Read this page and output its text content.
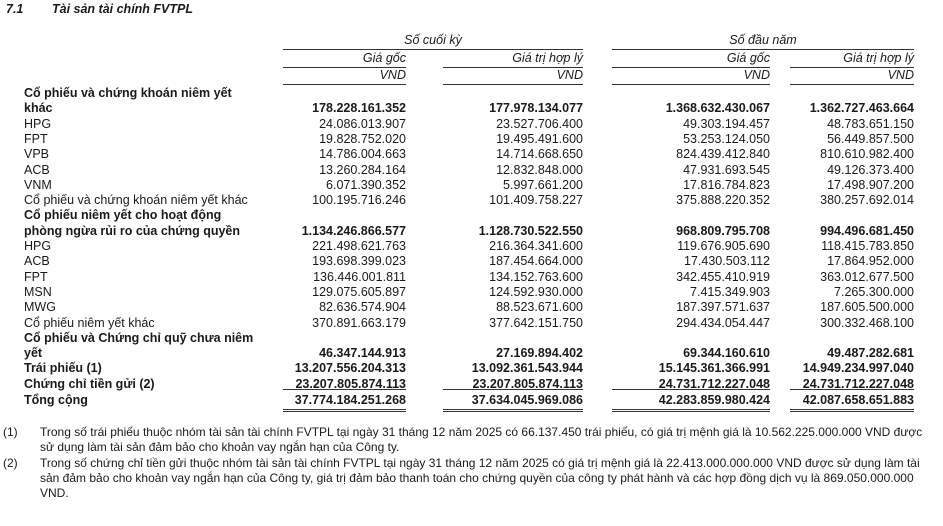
7.1 Tài sản tài chính FVTPL
Số cuối kỳ	Số đầu năm
Giá gốc	Giá trị hợp lý	Giá gốc	Giá trị hợp lý
VND	VND	VND	VND
Cổ phiếu và chứng khoán niêm yết
khác	178.228.161.352	177.978.134.077	1.368.632.430.067	1.362.727.463.664
HPG	24.086.013.907	23.527.706.400	49.303.194.457	48.783.651.150
FPT	19.828.752.020	19.495.491.600	53.253.124.050	56.449.857.500
VPB	14.786.004.663	14.714.668.650	824.439.412.840	810.610.982.400
ACB	13.260.284.164	12.832.848.000	47.931.693.545	49.126.373.400
VNM	6.071.390.352	5.997.661.200	17.816.784.823	17.498.907.200
Cổ phiếu và chứng khoán niêm yết khác	100.195.716.246	101.409.758.227	375.888.220.352	380.257.692.014
Cổ phiếu niêm yết cho hoạt động
phòng ngừa rủi ro của chứng quyền	1.134.246.866.577	1.128.730.522.550	968.809.795.708	994.496.681.450
HPG	221.498.621.763	216.364.341.600	119.676.905.690	118.415.783.850
ACB	193.698.399.023	187.454.664.000	17.430.503.112	17.864.952.000
FPT	136.446.001.811	134.152.763.600	342.455.410.919	363.012.677.500
MSN	129.075.605.897	124.592.930.000	7.415.349.903	7.265.300.000
MWG	82.636.574.904	88.523.671.600	187.397.571.637	187.605.500.000
Cổ phiếu niêm yết khác	370.891.663.179	377.642.151.750	294.434.054.447	300.332.468.100
Cổ phiếu và Chứng chỉ quỹ chưa niêm
yết	46.347.144.913	27.169.894.402	69.344.160.610	49.487.282.681
Trái phiếu (1)	13.207.556.204.313	13.092.361.543.944	15.145.361.366.991	14.949.234.997.040
Chứng chỉ tiền gửi (2)	23.207.805.874.113	23.207.805.874.113	24.731.712.227.048	24.731.712.227.048
Tổng cộng	37.774.184.251.268	37.634.045.969.086	42.283.859.980.424	42.087.658.651.883
(1) Trong số trái phiếu thuộc nhóm tài sản tài chính FVTPL tại ngày 31 tháng 12 năm 2025 có 66.137.450 trái phiếu, có giá trị mệnh giá là 10.562.225.000.000 VND được sử dụng làm tài sản đảm bảo cho khoản vay ngắn hạn của Công ty.
(2) Trong số chứng chỉ tiền gửi thuộc nhóm tài sản tài chính FVTPL tại ngày 31 tháng 12 năm 2025 có giá trị mệnh giá là 22.413.000.000.000 VND được sử dụng làm tài sản đảm bảo cho khoản vay ngắn hạn của Công ty, giá trị đảm bảo thanh toán cho chứng quyền của công ty phát hành và các hợp đồng dịch vụ là 869.050.000.000 VND.
